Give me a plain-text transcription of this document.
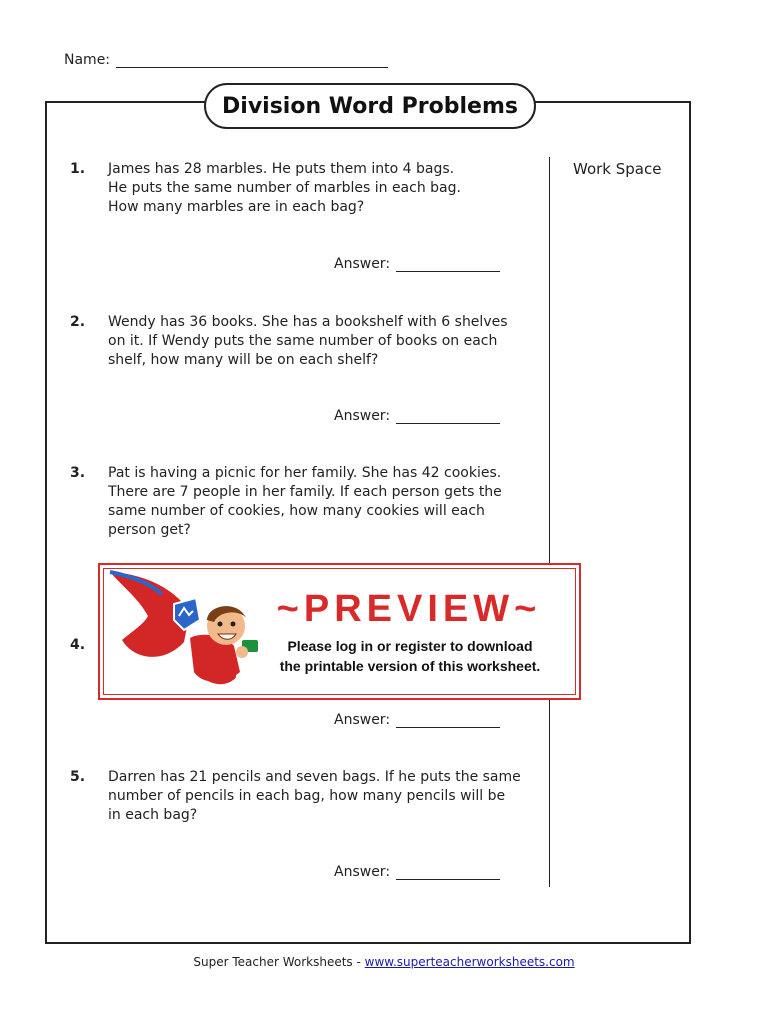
Name:
Division Word Problems
Work Space
1. James has 28 marbles. He puts them into 4 bags.
He puts the same number of marbles in each bag.
How many marbles are in each bag?
Answer:
2. Wendy has 36 books. She has a bookshelf with 6 shelves
on it. If Wendy puts the same number of books on each
shelf, how many will be on each shelf?
Answer:
3. Pat is having a picnic for her family. She has 42 cookies.
There are 7 people in her family. If each person gets the
same number of cookies, how many cookies will each
person get?
4.
Answer:
~PREVIEW~
Please log in or register to download
the printable version of this worksheet.
5. Darren has 21 pencils and seven bags. If he puts the same
number of pencils in each bag, how many pencils will be
in each bag?
Answer:
Super Teacher Worksheets - www.superteacherworksheets.com
